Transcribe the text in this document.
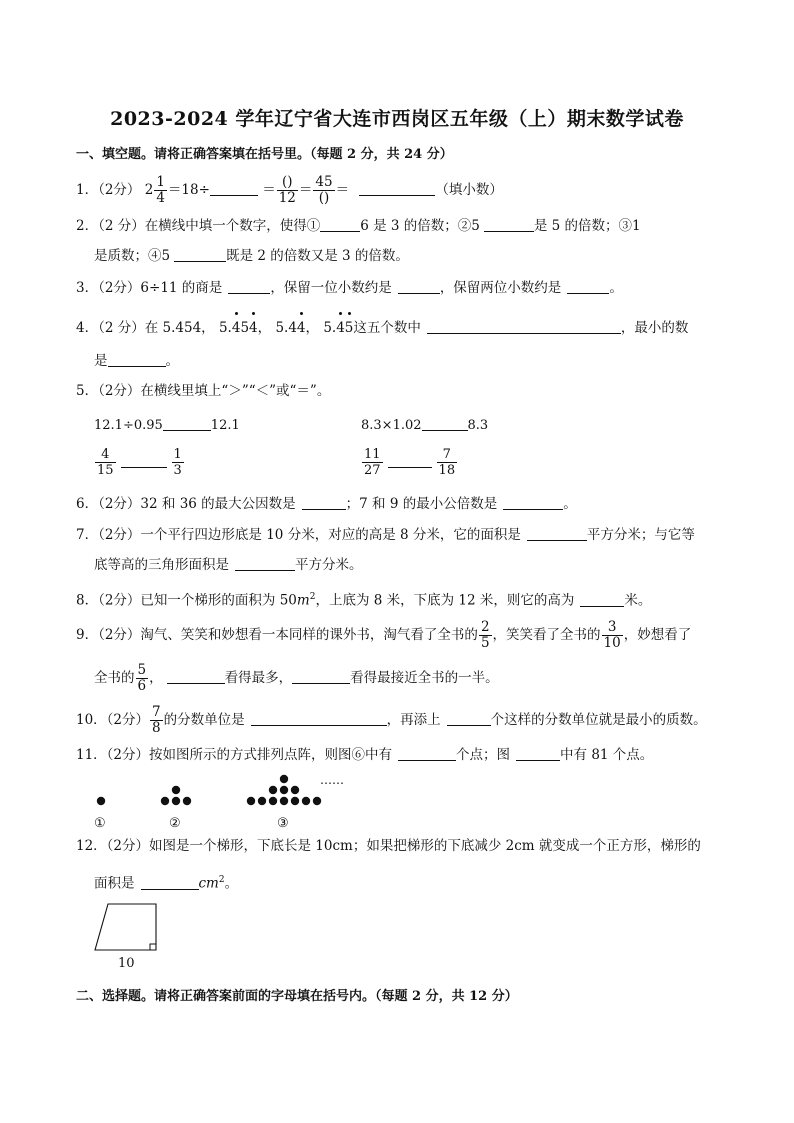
2023-2024 学年辽宁省大连市西岗区五年级（上）期末数学试卷
一、填空题。请将正确答案填在括号里。（每题 2 分，共 24 分）
1．（2分） $2 \frac{1}{4} =18\div$	＝ $\frac{()}{12} = \frac{45}{()}$ ＝	（填小数）
2．（2 分）在横线中填一个数字，使得①	6 是 3 的倍数；②5	是 5 的倍数；③1
是质数；④5	既是 2 的倍数又是 3 的倍数。
3．（2分）6÷11 的商是	，保留一位小数约是	，保留两位小数约是	。
4．（2 分）在 5.454， 5.454， 5.44， 5.45这五个数中	，最小的数
是	。
5．（2分）在横线里填上“＞”“＜”或“＝”。
12.1÷0.95	12.1	8.3×1.02	8.3
$\frac{4}{15}$	$\frac{1}{3}$	$\frac{11}{27}$	$\frac{7}{18}$
6．（2分）32 和 36 的最大公因数是	；7 和 9 的最小公倍数是	。
7．（2分）一个平行四边形底是 10 分米，对应的高是 8 分米，它的面积是	平方分米；与它等
底等高的三角形面积是	平方分米。
8．（2分）已知一个梯形的面积为 $50m^2$，上底为 8 米，下底为 12 米，则它的高为	米。
9．（2分）淘气、笑笑和妙想看一本同样的课外书，淘气看了全书的 $\frac{2}{5}$ ，笑笑看了全书的 $\frac{3}{10}$ ，妙想看了
全书的 $\frac{5}{6}$ ，	看得最多，	看得最接近全书的一半。
10．（2分） $\frac{7}{8}$ 的分数单位是	，再添上	个这样的分数单位就是最小的质数。
11．（2分）按如图所示的方式排列点阵，则图⑥中有	个点；图	中有 81 个点。
①	②	③
……
12．（2分）如图是一个梯形，下底长是 10cm；如果把梯形的下底减少 2cm 就变成一个正方形，梯形的
面积是	$cm^2$。
10
二、选择题。请将正确答案前面的字母填在括号内。（每题 2 分，共 12 分）
